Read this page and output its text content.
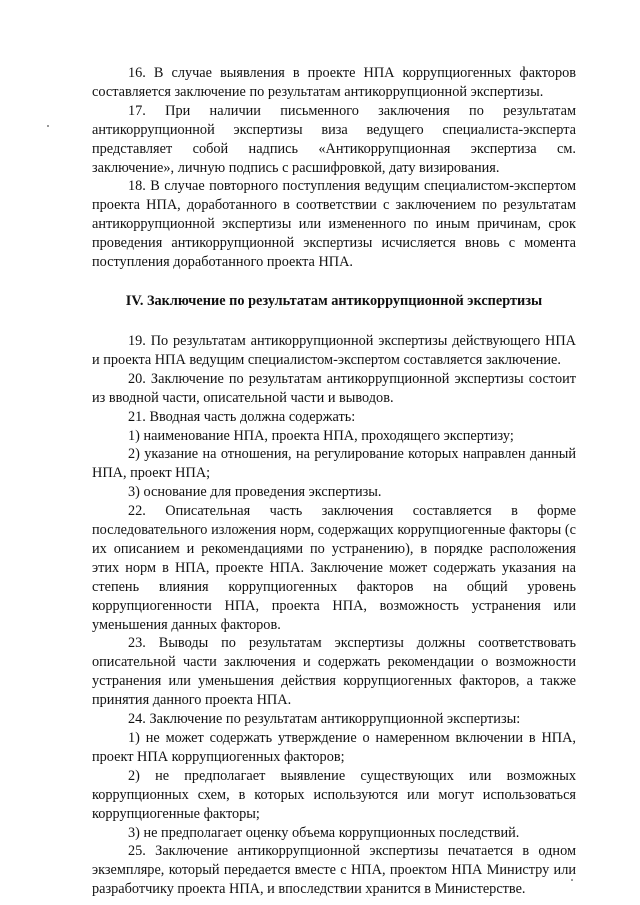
16. В случае выявления в проекте НПА коррупциогенных факторов составляется заключение по результатам антикоррупционной экспертизы.

17. При наличии письменного заключения по результатам антикоррупционной экспертизы виза ведущего специалиста-эксперта представляет собой надпись «Антикоррупционная экспертиза см. заключение», личную подпись с расшифровкой, дату визирования.

18. В случае повторного поступления ведущим специалистом-экспертом проекта НПА, доработанного в соответствии с заключением по результатам антикоррупционной экспертизы или измененного по иным причинам, срок проведения антикоррупционной экспертизы исчисляется вновь с момента поступления доработанного проекта НПА.

IV. Заключение по результатам антикоррупционной экспертизы

19. По результатам антикоррупционной экспертизы действующего НПА и проекта НПА ведущим специалистом-экспертом составляется заключение.

20. Заключение по результатам антикоррупционной экспертизы состоит из вводной части, описательной части и выводов.

21. Вводная часть должна содержать:

1) наименование НПА, проекта НПА, проходящего экспертизу;

2) указание на отношения, на регулирование которых направлен данный НПА, проект НПА;

3) основание для проведения экспертизы.

22. Описательная часть заключения составляется в форме последовательного изложения норм, содержащих коррупциогенные факторы (с их описанием и рекомендациями по устранению), в порядке расположения этих норм в НПА, проекте НПА. Заключение может содержать указания на степень влияния коррупциогенных факторов на общий уровень коррупциогенности НПА, проекта НПА, возможность устранения или уменьшения данных факторов.

23. Выводы по результатам экспертизы должны соответствовать описательной части заключения и содержать рекомендации о возможности устранения или уменьшения действия коррупциогенных факторов, а также принятия данного проекта НПА.

24. Заключение по результатам антикоррупционной экспертизы:

1) не может содержать утверждение о намеренном включении в НПА, проект НПА коррупциогенных факторов;

2) не предполагает выявление существующих или возможных коррупционных схем, в которых используются или могут использоваться коррупциогенные факторы;

3) не предполагает оценку объема коррупционных последствий.

25. Заключение антикоррупционной экспертизы печатается в одном экземпляре, который передается вместе с НПА, проектом НПА Министру или разработчику проекта НПА, и впоследствии хранится в Министерстве.
